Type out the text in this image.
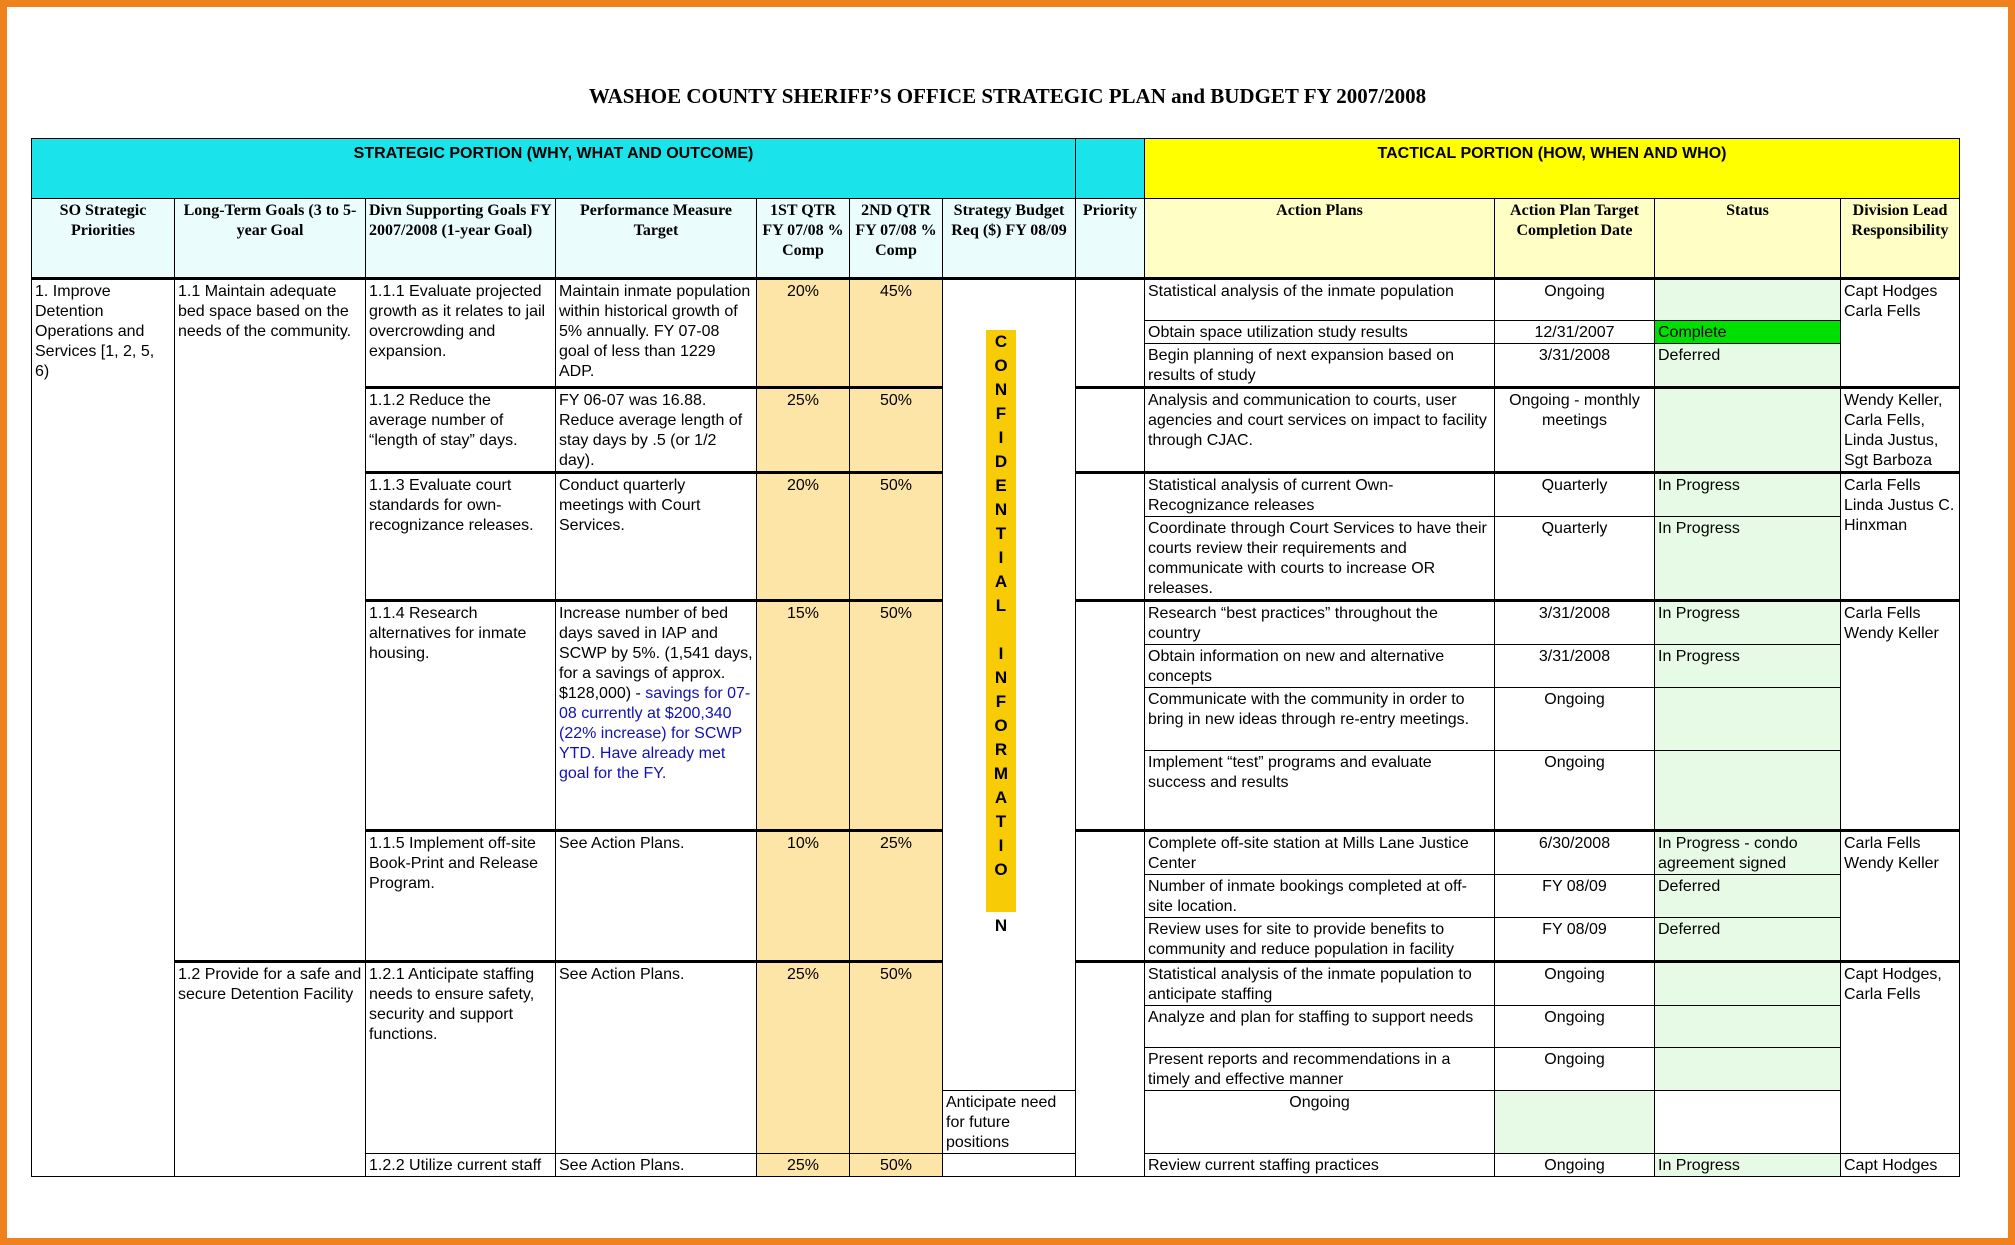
WASHOE COUNTY SHERIFF’S OFFICE STRATEGIC PLAN and BUDGET FY 2007/2008
STRATEGIC PORTION (WHY, WHAT AND OUTCOME)								TACTICAL PORTION (HOW, WHEN AND WHO)			
SO Strategic Priorities	Long-Term Goals (3 to 5-year Goal	Divn Supporting Goals FY 2007/2008 (1-year Goal)	Performance Measure Target	1ST QTR FY 07/08 % Comp	2ND QTR FY 07/08 % Comp	Strategy Budget Req ($) FY 08/09	Priority	Action Plans	Action Plan Target Completion Date	Status	Division Lead Responsibility
1. Improve Detention Operations and Services [1, 2, 5, 6)	1.1 Maintain adequate bed space based on the needs of the community.	1.1.1 Evaluate projected growth as it relates to jail overcrowding and expansion.	Maintain inmate population within historical growth of 5% annually. FY 07-08 goal of less than 1229 ADP.	20%	45%			Statistical analysis of the inmate population	Ongoing		Capt Hodges Carla Fells
								Obtain space utilization study results	12/31/2007	Complete	
								Begin planning of next expansion based on results of study	3/31/2008	Deferred	
		1.1.2 Reduce the average number of “length of stay” days.	FY 06-07 was 16.88. Reduce average length of stay days by .5 (or 1/2 day).	25%	50%			Analysis and communication to courts, user agencies and court services on impact to facility through CJAC.	Ongoing - monthly meetings		Wendy Keller, Carla Fells, Linda Justus, Sgt Barboza
		1.1.3 Evaluate court standards for own-recognizance releases.	Conduct quarterly meetings with Court Services.	20%	50%			Statistical analysis of current Own-Recognizance releases	Quarterly	In Progress	Carla Fells Linda Justus C. Hinxman
								Coordinate through Court Services to have their courts review their requirements and communicate with courts to increase OR releases.	Quarterly	In Progress	
		1.1.4 Research alternatives for inmate housing.	Increase number of bed days saved in IAP and SCWP by 5%. (1,541 days, for a savings of approx. $128,000) - savings for 07-08 currently at $200,340 (22% increase) for SCWP YTD. Have already met goal for the FY.	15%	50%			Research “best practices” throughout the country	3/31/2008	In Progress	Carla Fells Wendy Keller
								Obtain information on new and alternative concepts	3/31/2008	In Progress	
								Communicate with the community in order to bring in new ideas through re-entry meetings.	Ongoing		
								Implement “test” programs and evaluate success and results	Ongoing		
		1.1.5 Implement off-site Book-Print and Release Program.	See Action Plans.	10%	25%			Complete off-site station at Mills Lane Justice Center	6/30/2008	In Progress - condo agreement signed	Carla Fells Wendy Keller
								Number of inmate bookings completed at off-site location.	FY 08/09	Deferred	
								Review uses for site to provide benefits to community and reduce population in facility	FY 08/09	Deferred	
	1.2 Provide for a safe and secure Detention Facility	1.2.1 Anticipate staffing needs to ensure safety, security and support functions.	See Action Plans.	25%	50%			Statistical analysis of the inmate population to anticipate staffing	Ongoing		Capt Hodges, Carla Fells
								Analyze and plan for staffing to support needs	Ongoing		
								Present reports and recommendations in a timely and effective manner	Ongoing		
						Anticipate need for future positions		Ongoing			
		1.2.2 Utilize current staff	See Action Plans.	25%	50%			Review current staffing practices	Ongoing	In Progress	Capt Hodges
C
O
N
F
I
D
E
N
T
I
A
L

I
N
F
O
R
M
A
T
I
O
N
